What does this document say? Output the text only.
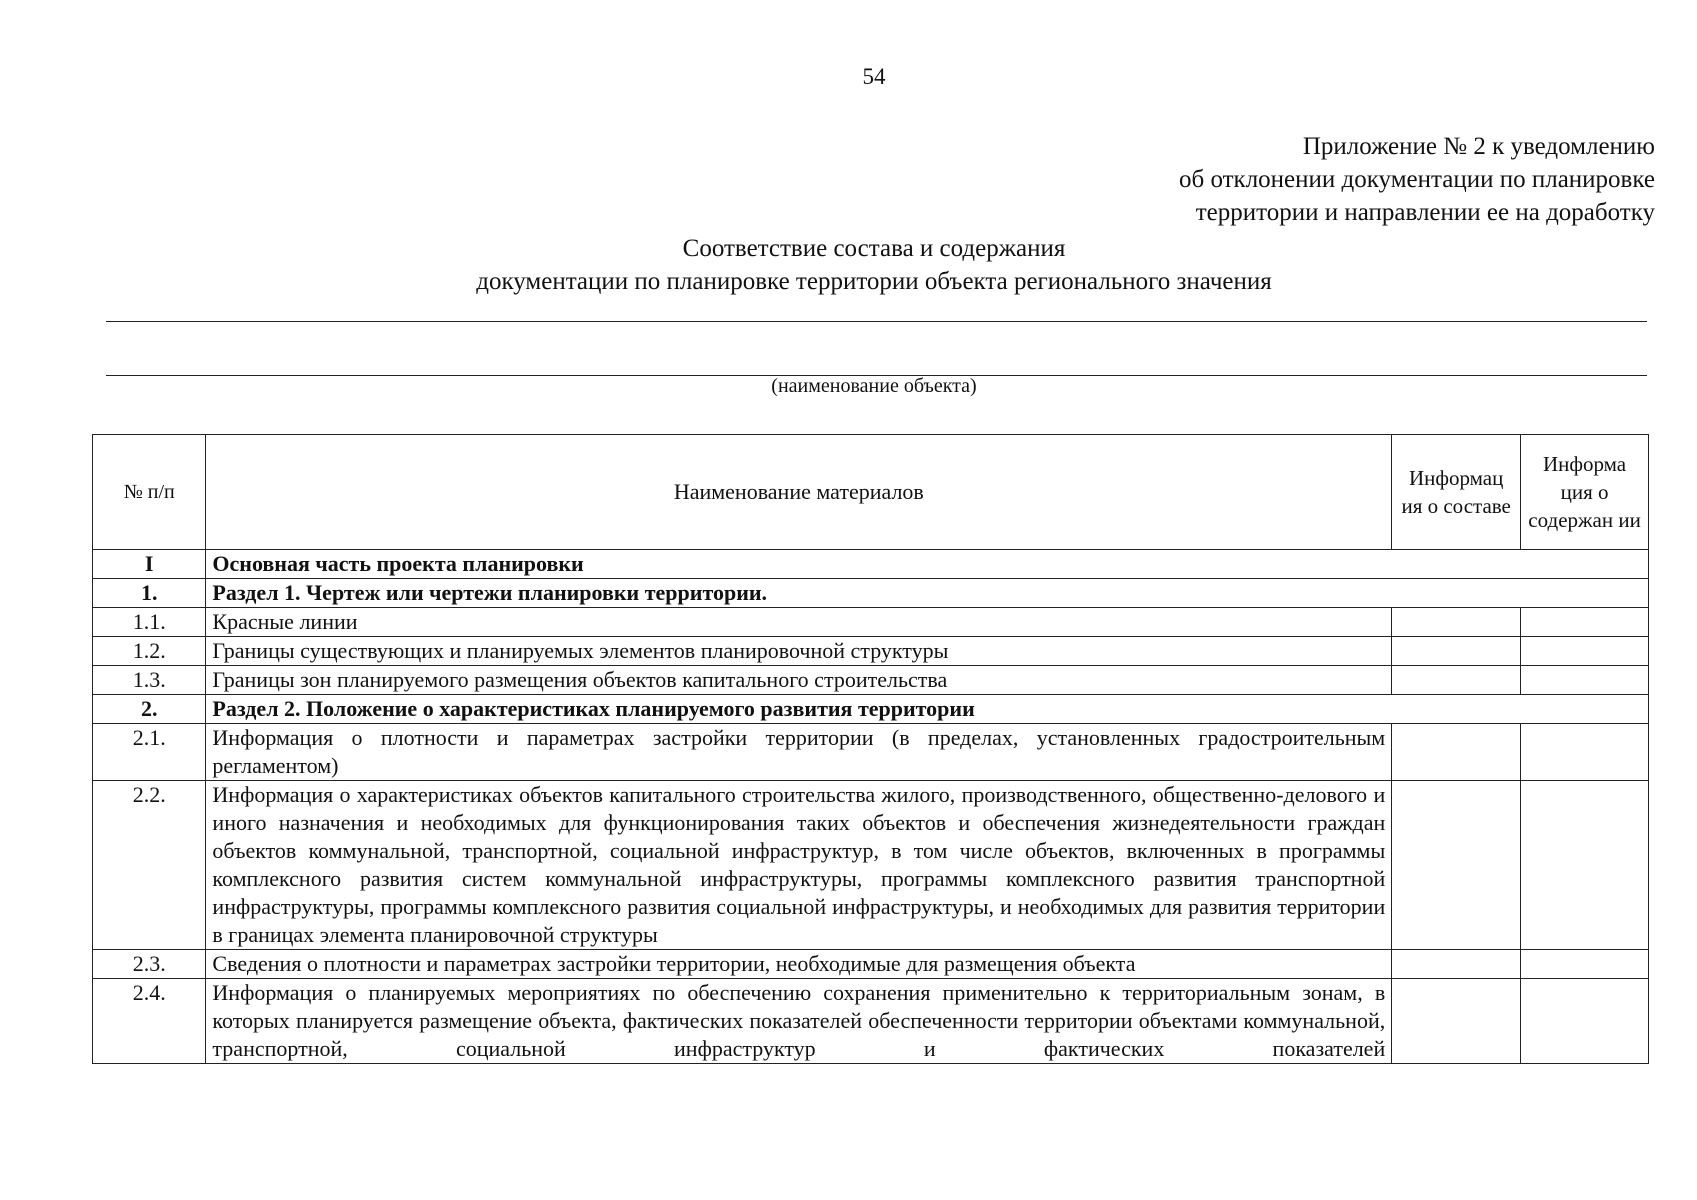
54
Приложение № 2 к уведомлению
об отклонении документации по планировке
территории и направлении ее на доработку
Соответствие состава и содержания
документации по планировке территории объекта регионального значения
(наименование объекта)
№ п/п	Наименование материалов	Информац ия о составе	Информа ция о содержан ии
I	Основная часть проекта планировки		
1.	Раздел 1. Чертеж или чертежи планировки территории.		
1.1.	Красные линии		
1.2.	Границы существующих и планируемых элементов планировочной структуры		
1.3.	Границы зон планируемого размещения объектов капитального строительства		
2.	Раздел 2. Положение о характеристиках планируемого развития территории		
2.1.	Информация о плотности и параметрах застройки территории (в пределах, установленных градостроительным регламентом)		
2.2.	Информация о характеристиках объектов капитального строительства жилого, производственного, общественно-делового и иного назначения и необходимых для функционирования таких объектов и обеспечения жизнедеятельности граждан объектов коммунальной, транспортной, социальной инфраструктур, в том числе объектов, включенных в программы комплексного развития систем коммунальной инфраструктуры, программы комплексного развития транспортной инфраструктуры, программы комплексного развития социальной инфраструктуры, и необходимых для развития территории в границах элемента планировочной структуры		
2.3.	Сведения о плотности и параметрах застройки территории, необходимые для размещения объекта		
2.4.	Информация о планируемых мероприятиях по обеспечению сохранения применительно к территориальным зонам, в которых планируется размещение объекта, фактических показателей обеспеченности территории объектами коммунальной, транспортной, социальной инфраструктур и фактических показателей		
